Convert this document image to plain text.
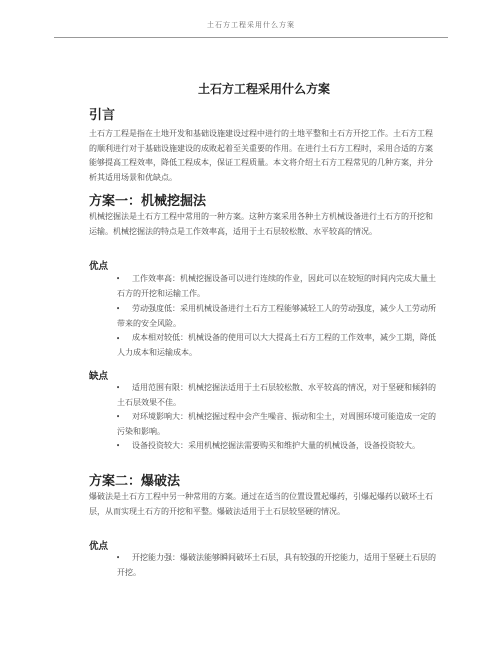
土石方工程采用什么方案
土石方工程采用什么方案
引言

土石方工程是指在土地开发和基础设施建设过程中进行的土地平整和土石方开挖工作。土石方工程的顺利进行对于基础设施建设的成败起着至关重要的作用。在进行土石方工程时，采用合适的方案能够提高工程效率，降低工程成本，保证工程质量。本文将介绍土石方工程常见的几种方案，并分析其适用场景和优缺点。

方案一：机械挖掘法

机械挖掘法是土石方工程中常用的一种方案。这种方案采用各种土方机械设备进行土石方的开挖和运输。机械挖掘法的特点是工作效率高，适用于土石层较松散、水平较高的情况。

优点
•	工作效率高：机械挖掘设备可以进行连续的作业，因此可以在较短的时间内完成大量土石方的开挖和运输工作。
•	劳动强度低：采用机械设备进行土石方工程能够减轻工人的劳动强度，减少人工劳动所带来的安全风险。
•	成本相对较低：机械设备的使用可以大大提高土石方工程的工作效率，减少工期，降低人力成本和运输成本。
缺点
•	适用范围有限：机械挖掘法适用于土石层较松散、水平较高的情况，对于坚硬和倾斜的土石层效果不佳。
•	对环境影响大：机械挖掘过程中会产生噪音、振动和尘土，对周围环境可能造成一定的污染和影响。
•	设备投资较大：采用机械挖掘法需要购买和维护大量的机械设备，设备投资较大。
方案二：爆破法

爆破法是土石方工程中另一种常用的方案。通过在适当的位置设置起爆药，引爆起爆药以破坏土石层，从而实现土石方的开挖和平整。爆破法适用于土石层较坚硬的情况。

优点
•	开挖能力强：爆破法能够瞬间破坏土石层，具有较强的开挖能力，适用于坚硬土石层的开挖。
